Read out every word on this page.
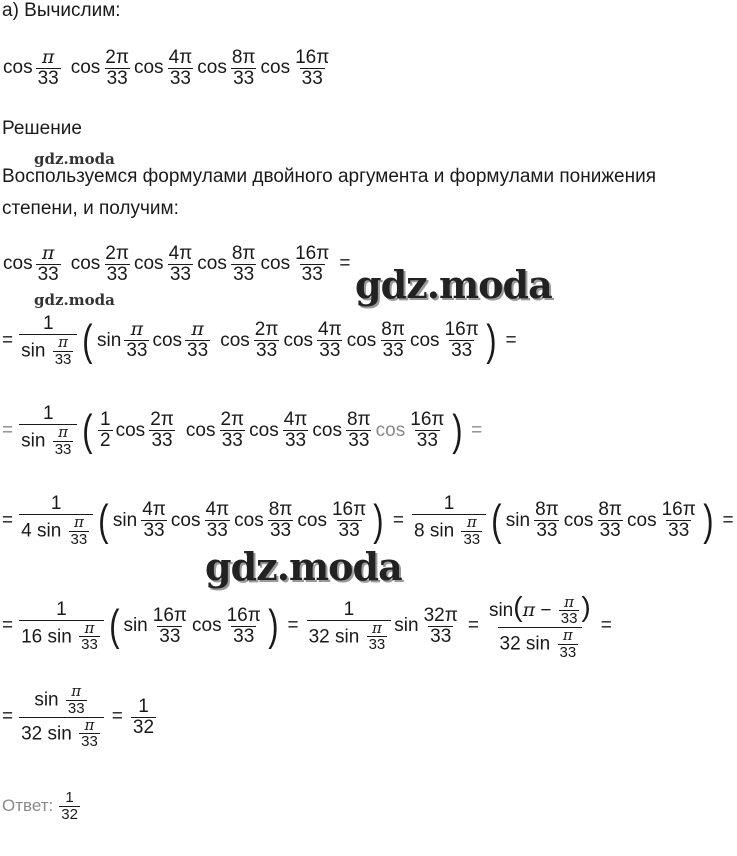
а) Вычислим:
$\cos \frac{\pi}{33}$ $\cos \frac{2\pi}{33}$ $\cos \frac{4\pi}{33}$ $\cos \frac{8\pi}{33}$ $\cos \frac{16\pi}{33}$
Решение
gdz.moda
Воспользуемся формулами двойного аргумента и формулами понижения
степени, и получим:
$\cos \frac{\pi}{33}$ $\cos \frac{2\pi}{33}$ $\cos \frac{4\pi}{33}$ $\cos \frac{8\pi}{33}$ $\cos \frac{16\pi}{33}$ = gdz.moda
gdz.moda
= $\frac{1}{\sin \frac{\pi}{33}}$ ( $\sin \frac{\pi}{33}$ $\cos \frac{\pi}{33}$ $\cos \frac{2\pi}{33}$ $\cos \frac{4\pi}{33}$ $\cos \frac{8\pi}{33}$ $\cos \frac{16\pi}{33}$ ) =
= $\frac{1}{\sin \frac{\pi}{33}}$ ( $\frac{1}{2}$ $\cos \frac{2\pi}{33}$ $\cos \frac{2\pi}{33}$ $\cos \frac{4\pi}{33}$ $\cos \frac{8\pi}{33}$ $\cos \frac{16\pi}{33}$ ) =
= $\frac{1}{4 \sin \frac{\pi}{33}}$ ( $\sin \frac{4\pi}{33}$ $\cos \frac{4\pi}{33}$ $\cos \frac{8\pi}{33}$ $\cos \frac{16\pi}{33}$ ) = $\frac{1}{8 \sin \frac{\pi}{33}}$ ( $\sin \frac{8\pi}{33}$ $\cos \frac{8\pi}{33}$ $\cos \frac{16\pi}{33}$ ) =
gdz.moda
= $\frac{1}{16 \sin \frac{\pi}{33}}$ ( $\sin \frac{16\pi}{33}$ $\cos \frac{16\pi}{33}$ ) = $\frac{1}{32 \sin \frac{\pi}{33}}$ $\sin \frac{32\pi}{33} = \frac{\sin(\pi - \frac{\pi}{33} )}{32 \sin \frac{\pi}{33}}$ =
= $\frac{\sin \frac{\pi}{33}}{32 \sin \frac{\pi}{33}} = \frac{1}{32}$
Ответ: $\frac{1}{32}$
